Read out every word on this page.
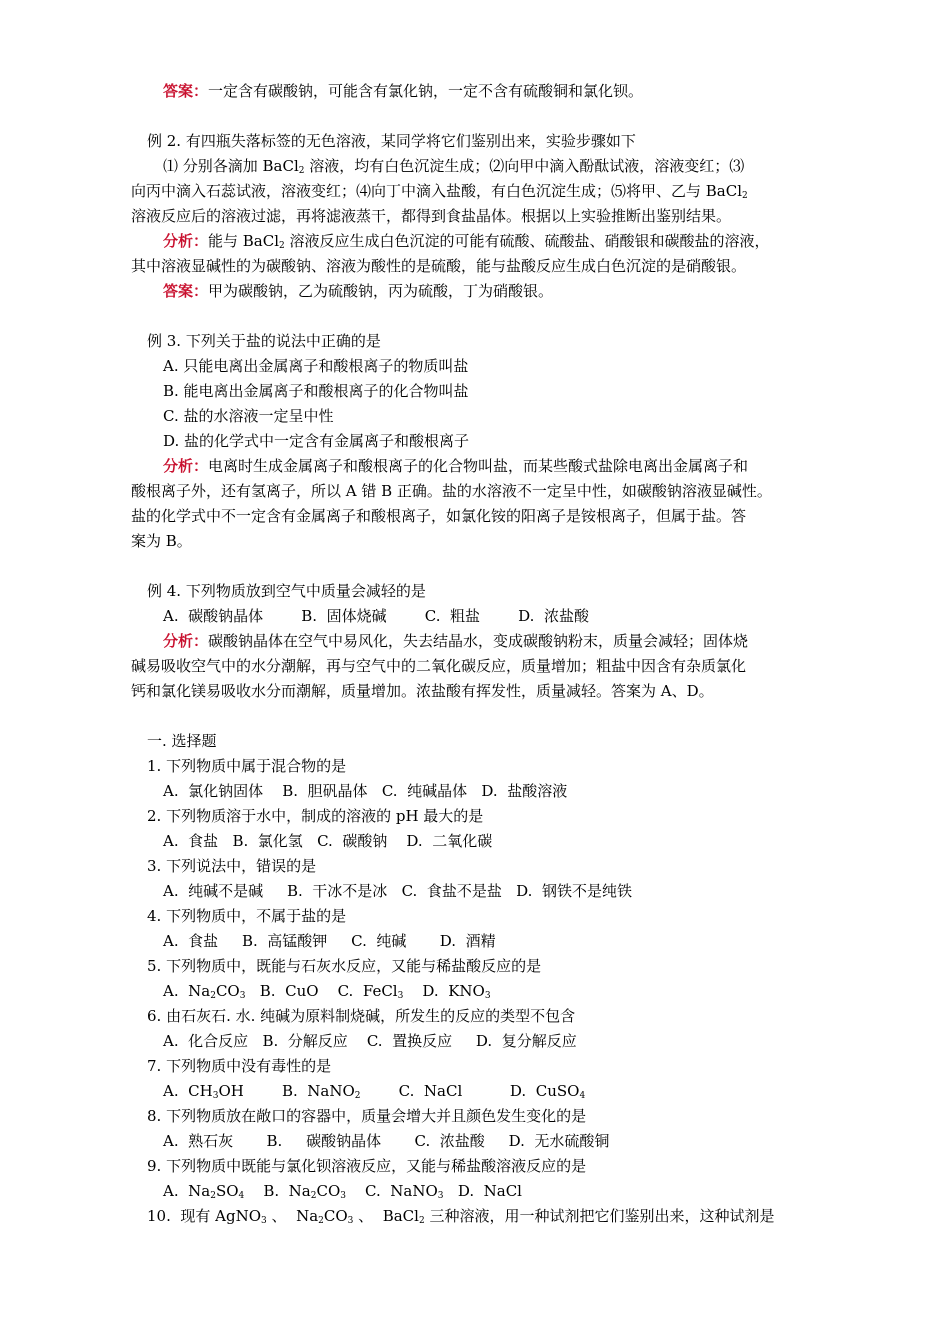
答案：一定含有碳酸钠，可能含有氯化钠，一定不含有硫酸铜和氯化钡。
例 2. 有四瓶失落标签的无色溶液，某同学将它们鉴别出来，实验步骤如下
⑴ 分别各滴加 BaCl$_2$ 溶液，均有白色沉淀生成；⑵向甲中滴入酚酞试液，溶液变红；⑶
向丙中滴入石蕊试液，溶液变红；⑷向丁中滴入盐酸，有白色沉淀生成；⑸将甲、乙与 BaCl$_2$
溶液反应后的溶液过滤，再将滤液蒸干，都得到食盐晶体。根据以上实验推断出鉴别结果。
分析：能与 BaCl$_2$ 溶液反应生成白色沉淀的可能有硫酸、硫酸盐、硝酸银和碳酸盐的溶液，
其中溶液显碱性的为碳酸钠、溶液为酸性的是硫酸，能与盐酸反应生成白色沉淀的是硝酸银。
答案：甲为碳酸钠，乙为硫酸钠，丙为硫酸，丁为硝酸银。
例 3. 下列关于盐的说法中正确的是
A. 只能电离出金属离子和酸根离子的物质叫盐
B. 能电离出金属离子和酸根离子的化合物叫盐
C. 盐的水溶液一定呈中性
D. 盐的化学式中一定含有金属离子和酸根离子
分析：电离时生成金属离子和酸根离子的化合物叫盐，而某些酸式盐除电离出金属离子和
酸根离子外，还有氢离子，所以 A 错 B 正确。盐的水溶液不一定呈中性，如碳酸钠溶液显碱性。
盐的化学式中不一定含有金属离子和酸根离子，如氯化铵的阳离子是铵根离子，但属于盐。答
案为 B。
例 4. 下列物质放到空气中质量会减轻的是
A.  碳酸钠晶体        B.  固体烧碱        C.  粗盐        D.  浓盐酸
分析：碳酸钠晶体在空气中易风化，失去结晶水，变成碳酸钠粉末，质量会减轻；固体烧
碱易吸收空气中的水分潮解，再与空气中的二氧化碳反应，质量增加；粗盐中因含有杂质氯化
钙和氯化镁易吸收水分而潮解，质量增加。浓盐酸有挥发性，质量减轻。答案为 A、D。
一. 选择题
1. 下列物质中属于混合物的是
A.  氯化钠固体    B.  胆矾晶体   C.  纯碱晶体   D.  盐酸溶液
2. 下列物质溶于水中，制成的溶液的 pH 最大的是
A.  食盐   B.  氯化氢   C.  碳酸钠    D.  二氧化碳
3. 下列说法中，错误的是
A.  纯碱不是碱     B.  干冰不是冰   C.  食盐不是盐   D.  钢铁不是纯铁
4. 下列物质中，不属于盐的是
A.  食盐     B.  高锰酸钾     C.  纯碱       D.  酒精
5. 下列物质中，既能与石灰水反应，又能与稀盐酸反应的是
A.  $Na_2CO_3$   B.  CuO    C.  FeCl$_3$    D.  $KNO_3$
6. 由石灰石. 水. 纯碱为原料制烧碱，所发生的反应的类型不包含
A.  化合反应   B.  分解反应    C.  置换反应     D.  复分解反应
7. 下列物质中没有毒性的是
A.  $CH_3OH$        B.  NaNO$_2$        C.  NaCl          D.  CuSO$_4$
8. 下列物质放在敞口的容器中，质量会增大并且颜色发生变化的是
A.  熟石灰       B.     碳酸钠晶体       C.  浓盐酸     D.  无水硫酸铜
9. 下列物质中既能与氯化钡溶液反应，又能与稀盐酸溶液反应的是
A.  $Na_2SO_4$    B.  $Na_2CO_3$    C.  NaNO$_3$   D.  NaCl
10.  现有 AgNO$_3$ 、  $Na_2CO_3$ 、  BaCl$_2$ 三种溶液，用一种试剂把它们鉴别出来，这种试剂是
